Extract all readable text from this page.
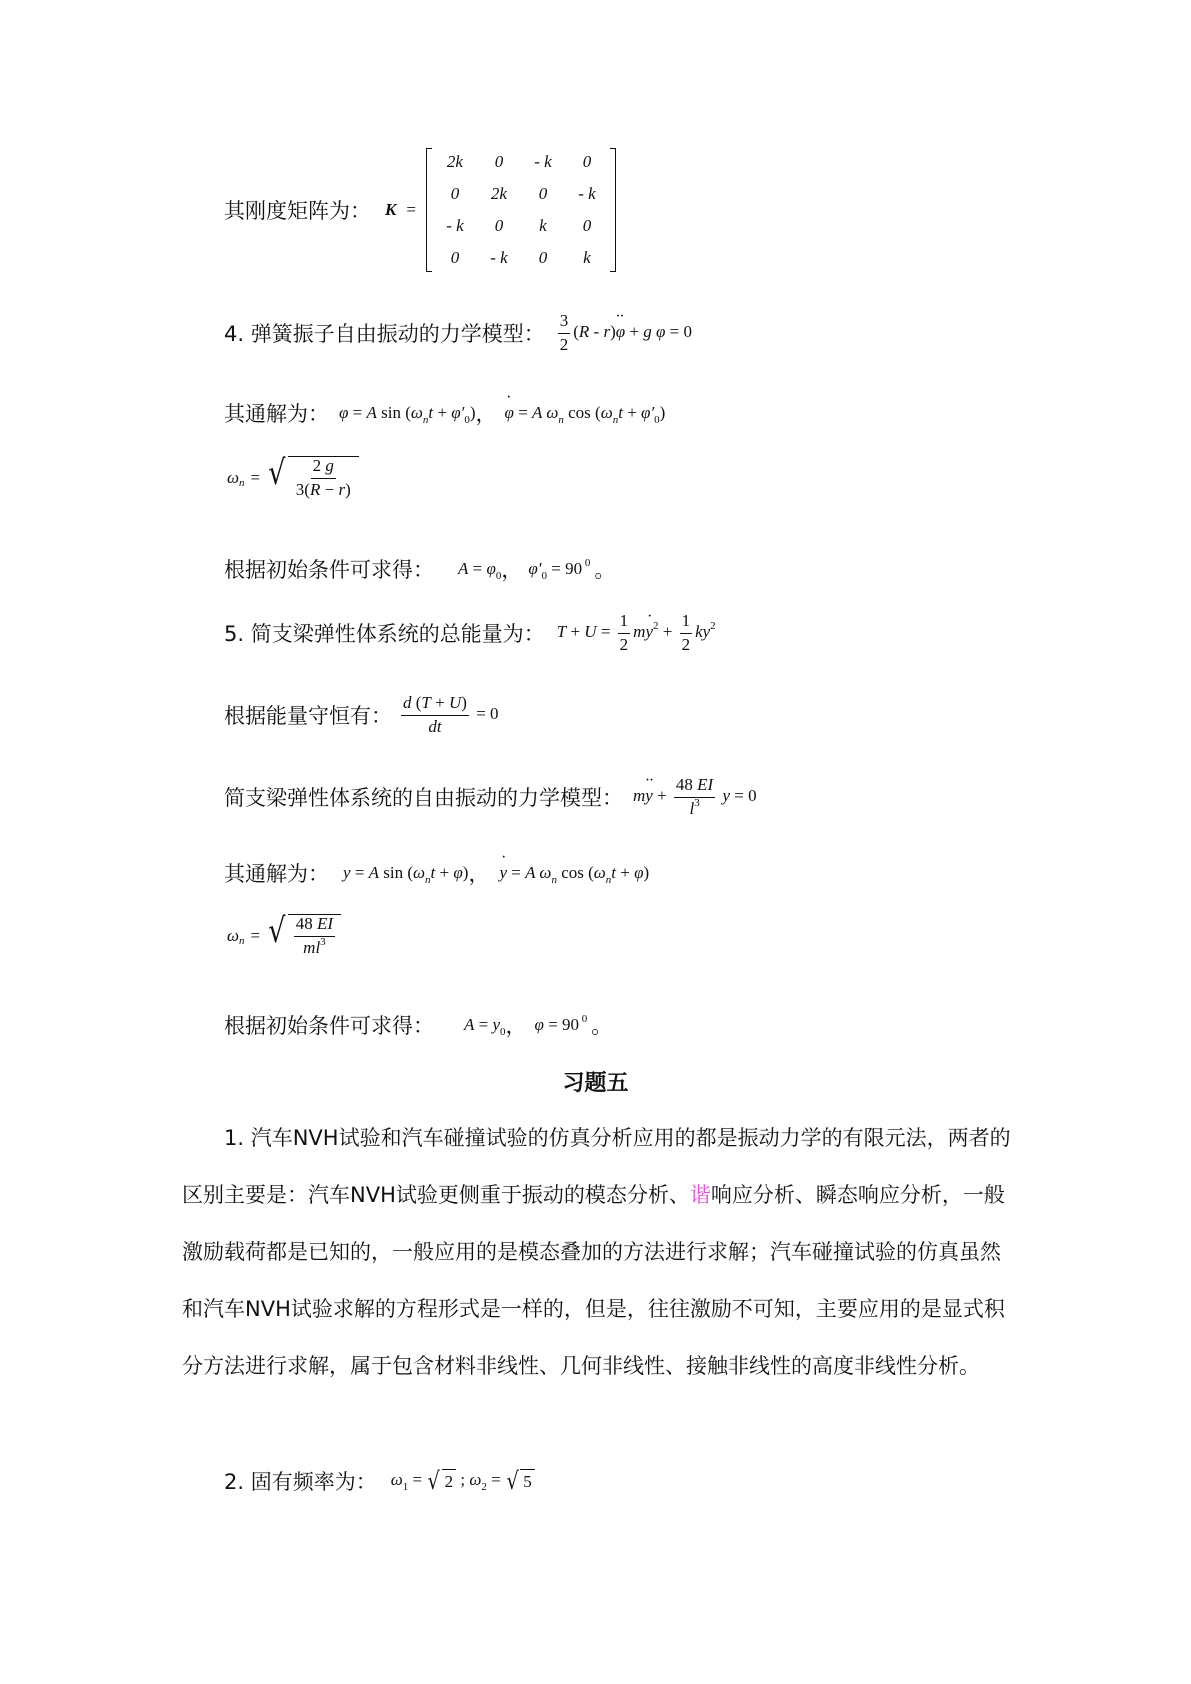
其刚度矩阵为： K =
2k	0	- k	0
0	2k	0	- k
- k	0	k	0
0	- k	0	k
4. 弹簧振子自由振动的力学模型： $\frac{3}{2} (R - r)\varphi$ ·· + g φ = 0
其通解为： φ = A $\sin (\omega_nt + \varphi'_0)$ ， φ · = A $\omega_n$ $\cos (\omega_nt + \varphi'_0)$
ω n = √ $\frac{2 g}{3(R - r)}$
根据初始条件可求得： $A = \varphi_0$ ， $\varphi'_0 = 90$ $^0$ 。
5. 简支梁弹性体系统的总能量为： $T + U = \frac{1}{2}$ my $\cdot^2 + \frac{1}{2} ky^2$
根据能量守恒有： $\frac{d (T + U)}{dt} = 0$
简支梁弹性体系统的自由振动的力学模型： my ·· + $\frac{48 EI}{l^3}$ y = 0
其通解为： y = A $\sin (\omega_nt + \varphi)$ ， y · = A $\omega_n$ $\cos (\omega_nt + \varphi)$
ω n = √ $\frac{48 EI}{ml^3}$
根据初始条件可求得： $A = y_0$ ， φ = 90 $^0$ 。
习题五
1. 汽车NVH试验和汽车碰撞试验的仿真分析应用的都是振动力学的有限元法，两者的区别主要是：汽车NVH试验更侧重于振动的模态分析、谐响应分析、瞬态响应分析，一般激励载荷都是已知的，一般应用的是模态叠加的方法进行求解；汽车碰撞试验的仿真虽然和汽车NVH试验求解的方程形式是一样的，但是，往往激励不可知，主要应用的是显式积分方法进行求解，属于包含材料非线性、几何非线性、接触非线性的高度非线性分析。
2. 固有频率为： $\omega_1$ = √ 2 ; $\omega_2$ = √ 5
